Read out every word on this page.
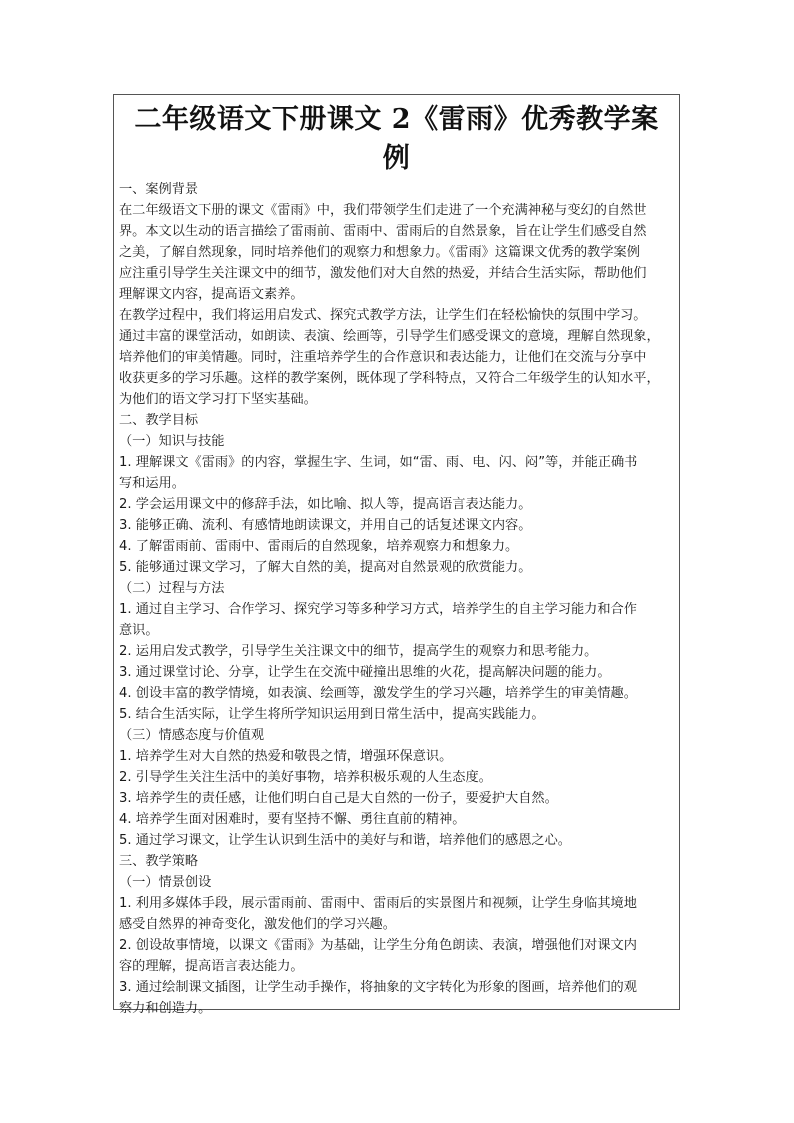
二年级语文下册课文 2《雷雨》优秀教学案
例
一、案例背景
在二年级语文下册的课文《雷雨》中，我们带领学生们走进了一个充满神秘与变幻的自然世
界。本文以生动的语言描绘了雷雨前、雷雨中、雷雨后的自然景象，旨在让学生们感受自然
之美，了解自然现象，同时培养他们的观察力和想象力。《雷雨》这篇课文优秀的教学案例
应注重引导学生关注课文中的细节，激发他们对大自然的热爱，并结合生活实际，帮助他们
理解课文内容，提高语文素养。
在教学过程中，我们将运用启发式、探究式教学方法，让学生们在轻松愉快的氛围中学习。
通过丰富的课堂活动，如朗读、表演、绘画等，引导学生们感受课文的意境，理解自然现象，
培养他们的审美情趣。同时，注重培养学生的合作意识和表达能力，让他们在交流与分享中
收获更多的学习乐趣。这样的教学案例，既体现了学科特点，又符合二年级学生的认知水平，
为他们的语文学习打下坚实基础。
二、教学目标
（一）知识与技能
1. 理解课文《雷雨》的内容，掌握生字、生词，如“雷、雨、电、闪、闷”等，并能正确书
写和运用。
2. 学会运用课文中的修辞手法，如比喻、拟人等，提高语言表达能力。
3. 能够正确、流利、有感情地朗读课文，并用自己的话复述课文内容。
4. 了解雷雨前、雷雨中、雷雨后的自然现象，培养观察力和想象力。
5. 能够通过课文学习，了解大自然的美，提高对自然景观的欣赏能力。
（二）过程与方法
1. 通过自主学习、合作学习、探究学习等多种学习方式，培养学生的自主学习能力和合作
意识。
2. 运用启发式教学，引导学生关注课文中的细节，提高学生的观察力和思考能力。
3. 通过课堂讨论、分享，让学生在交流中碰撞出思维的火花，提高解决问题的能力。
4. 创设丰富的教学情境，如表演、绘画等，激发学生的学习兴趣，培养学生的审美情趣。
5. 结合生活实际，让学生将所学知识运用到日常生活中，提高实践能力。
（三）情感态度与价值观
1. 培养学生对大自然的热爱和敬畏之情，增强环保意识。
2. 引导学生关注生活中的美好事物，培养积极乐观的人生态度。
3. 培养学生的责任感，让他们明白自己是大自然的一份子，要爱护大自然。
4. 培养学生面对困难时，要有坚持不懈、勇往直前的精神。
5. 通过学习课文，让学生认识到生活中的美好与和谐，培养他们的感恩之心。
三、教学策略
（一）情景创设
1. 利用多媒体手段，展示雷雨前、雷雨中、雷雨后的实景图片和视频，让学生身临其境地
感受自然界的神奇变化，激发他们的学习兴趣。
2. 创设故事情境，以课文《雷雨》为基础，让学生分角色朗读、表演，增强他们对课文内
容的理解，提高语言表达能力。
3. 通过绘制课文插图，让学生动手操作，将抽象的文字转化为形象的图画，培养他们的观
察力和创造力。
